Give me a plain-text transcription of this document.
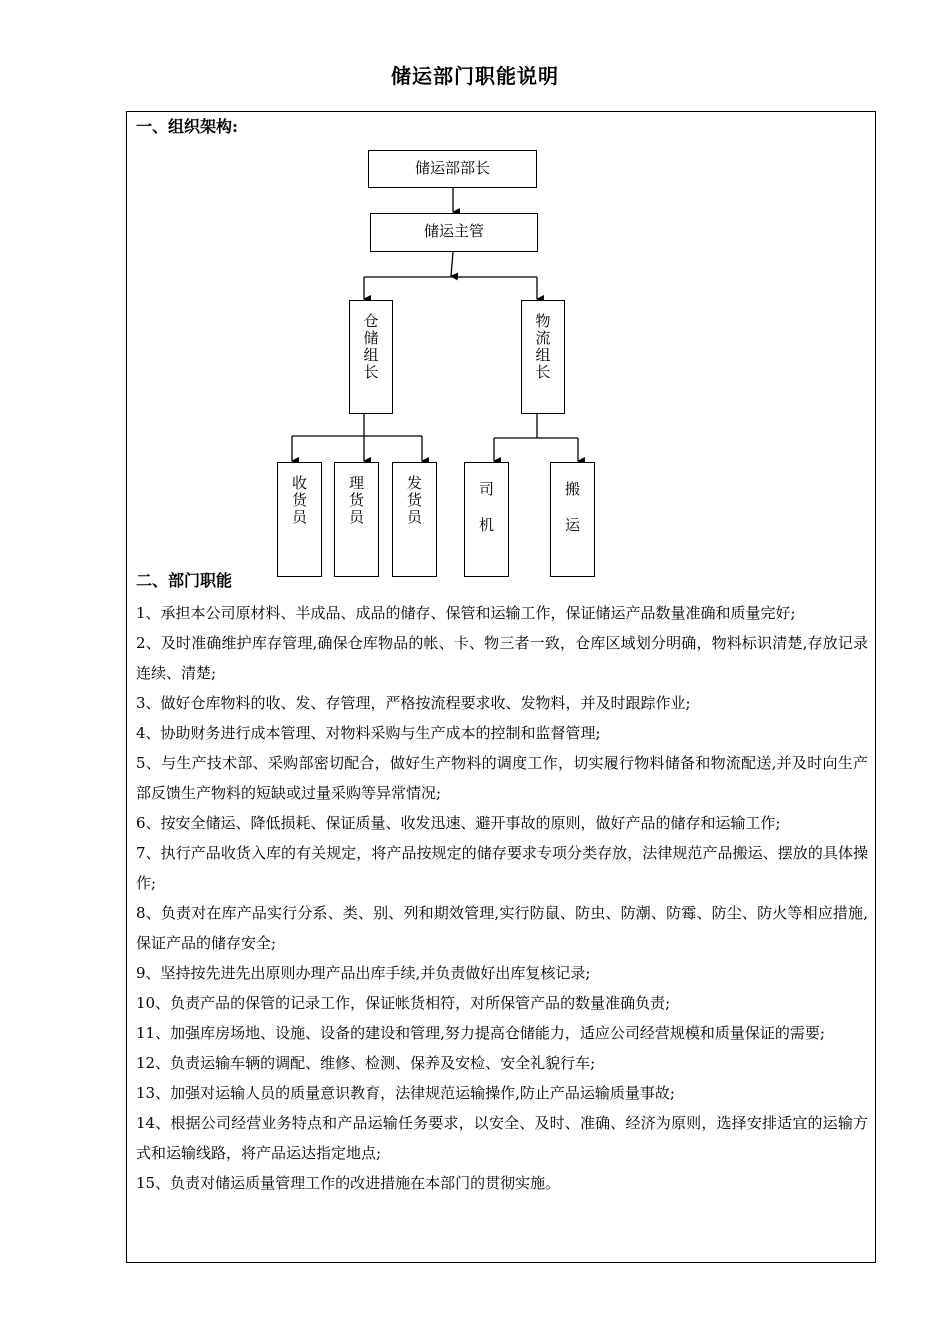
储运部门职能说明
一、组织架构:
储运部部长
储运主管
仓
储
组
长
物
流
组
长
收
货
员
理
货
员
发
货
员
司
机
搬
运
二、部门职能

1、承担本公司原材料、半成品、成品的储存、保管和运输工作，保证储运产品数量准确和质量完好;

2、及时准确维护库存管理,确保仓库物品的帐、卡、物三者一致，仓库区域划分明确，物料标识清楚,存放记录连续、清楚;

3、做好仓库物料的收、发、存管理，严格按流程要求收、发物料，并及时跟踪作业;

4、协助财务进行成本管理、对物料采购与生产成本的控制和监督管理;

5、与生产技术部、采购部密切配合，做好生产物料的调度工作，切实履行物料储备和物流配送,并及时向生产部反馈生产物料的短缺或过量采购等异常情况;

6、按安全储运、降低损耗、保证质量、收发迅速、避开事故的原则，做好产品的储存和运输工作;

7、执行产品收货入库的有关规定，将产品按规定的储存要求专项分类存放，法律规范产品搬运、摆放的具体操作;

8、负责对在库产品实行分系、类、别、列和期效管理,实行防鼠、防虫、防潮、防霉、防尘、防火等相应措施,保证产品的储存安全;

9、坚持按先进先出原则办理产品出库手续,并负责做好出库复核记录;

10、负责产品的保管的记录工作，保证帐货相符，对所保管产品的数量准确负责;

11、加强库房场地、设施、设备的建设和管理,努力提高仓储能力，适应公司经营规模和质量保证的需要;

12、负责运输车辆的调配、维修、检测、保养及安检、安全礼貌行车;

13、加强对运输人员的质量意识教育，法律规范运输操作,防止产品运输质量事故;

14、根据公司经营业务特点和产品运输任务要求，以安全、及时、准确、经济为原则，选择安排适宜的运输方式和运输线路，将产品运达指定地点;

15、负责对储运质量管理工作的改进措施在本部门的贯彻实施。
